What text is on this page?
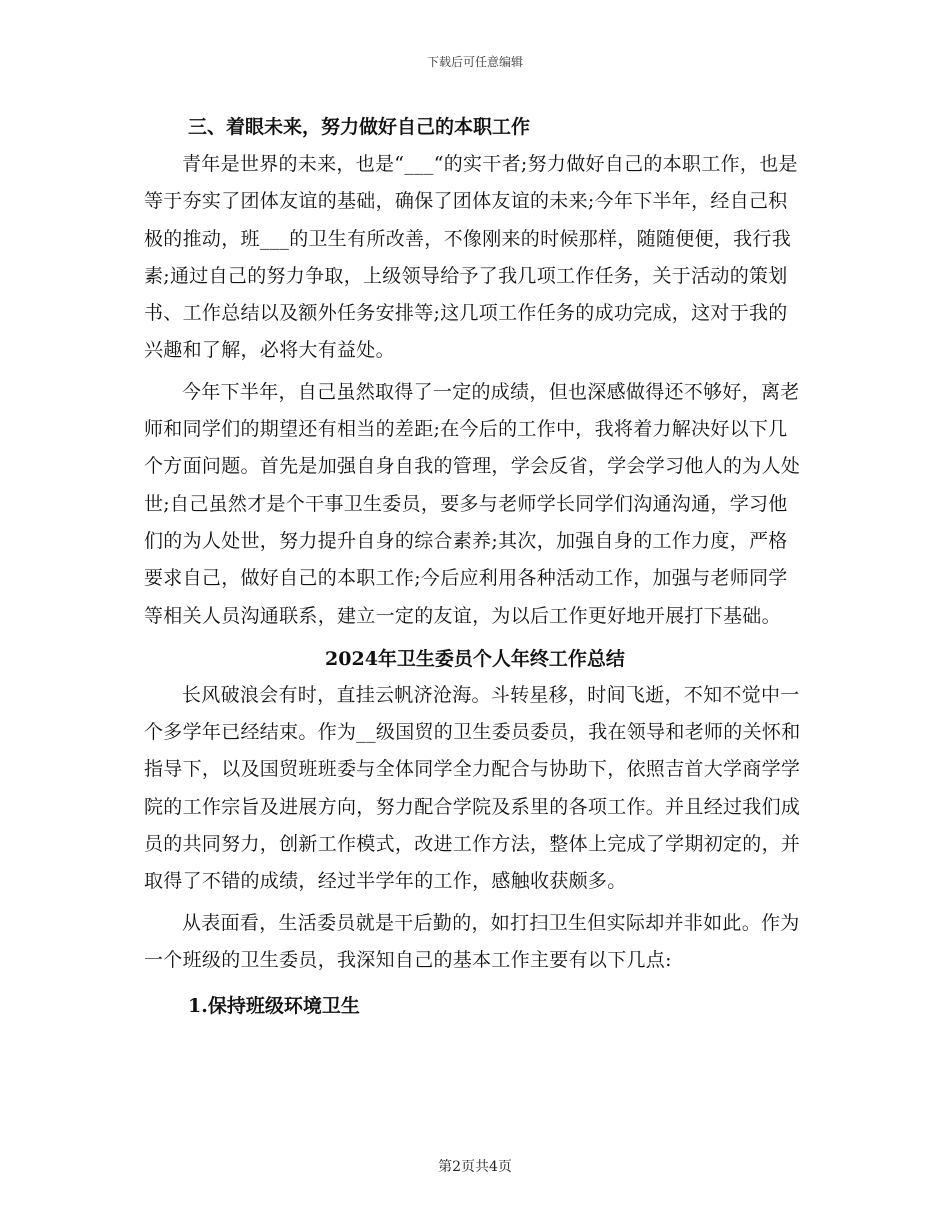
下载后可任意编辑

三、着眼未来，努力做好自己的本职工作

青年是世界的未来，也是“___“的实干者;努力做好自己的本职工作，也是等于夯实了团体友谊的基础，确保了团体友谊的未来;今年下半年，经自己积极的推动，班___的卫生有所改善，不像刚来的时候那样，随随便便，我行我素;通过自己的努力争取，上级领导给予了我几项工作任务，关于活动的策划书、工作总结以及额外任务安排等;这几项工作任务的成功完成，这对于我的兴趣和了解，必将大有益处。

今年下半年，自己虽然取得了一定的成绩，但也深感做得还不够好，离老师和同学们的期望还有相当的差距;在今后的工作中，我将着力解决好以下几个方面问题。首先是加强自身自我的管理，学会反省，学会学习他人的为人处世;自己虽然才是个干事卫生委员，要多与老师学长同学们沟通沟通，学习他们的为人处世，努力提升自身的综合素养;其次，加强自身的工作力度，严格要求自己，做好自己的本职工作;今后应利用各种活动工作，加强与老师同学等相关人员沟通联系，建立一定的友谊，为以后工作更好地开展打下基础。

2024年卫生委员个人年终工作总结

长风破浪会有时，直挂云帆济沧海。斗转星移，时间飞逝，不知不觉中一个多学年已经结束。作为__级国贸的卫生委员委员，我在领导和老师的关怀和指导下，以及国贸班班委与全体同学全力配合与协助下，依照吉首大学商学学院的工作宗旨及进展方向，努力配合学院及系里的各项工作。并且经过我们成员的共同努力，创新工作模式，改进工作方法，整体上完成了学期初定的，并取得了不错的成绩，经过半学年的工作，感触收获颇多。

从表面看，生活委员就是干后勤的，如打扫卫生但实际却并非如此。作为一个班级的卫生委员，我深知自己的基本工作主要有以下几点:

1.保持班级环境卫生

第2页共4页
